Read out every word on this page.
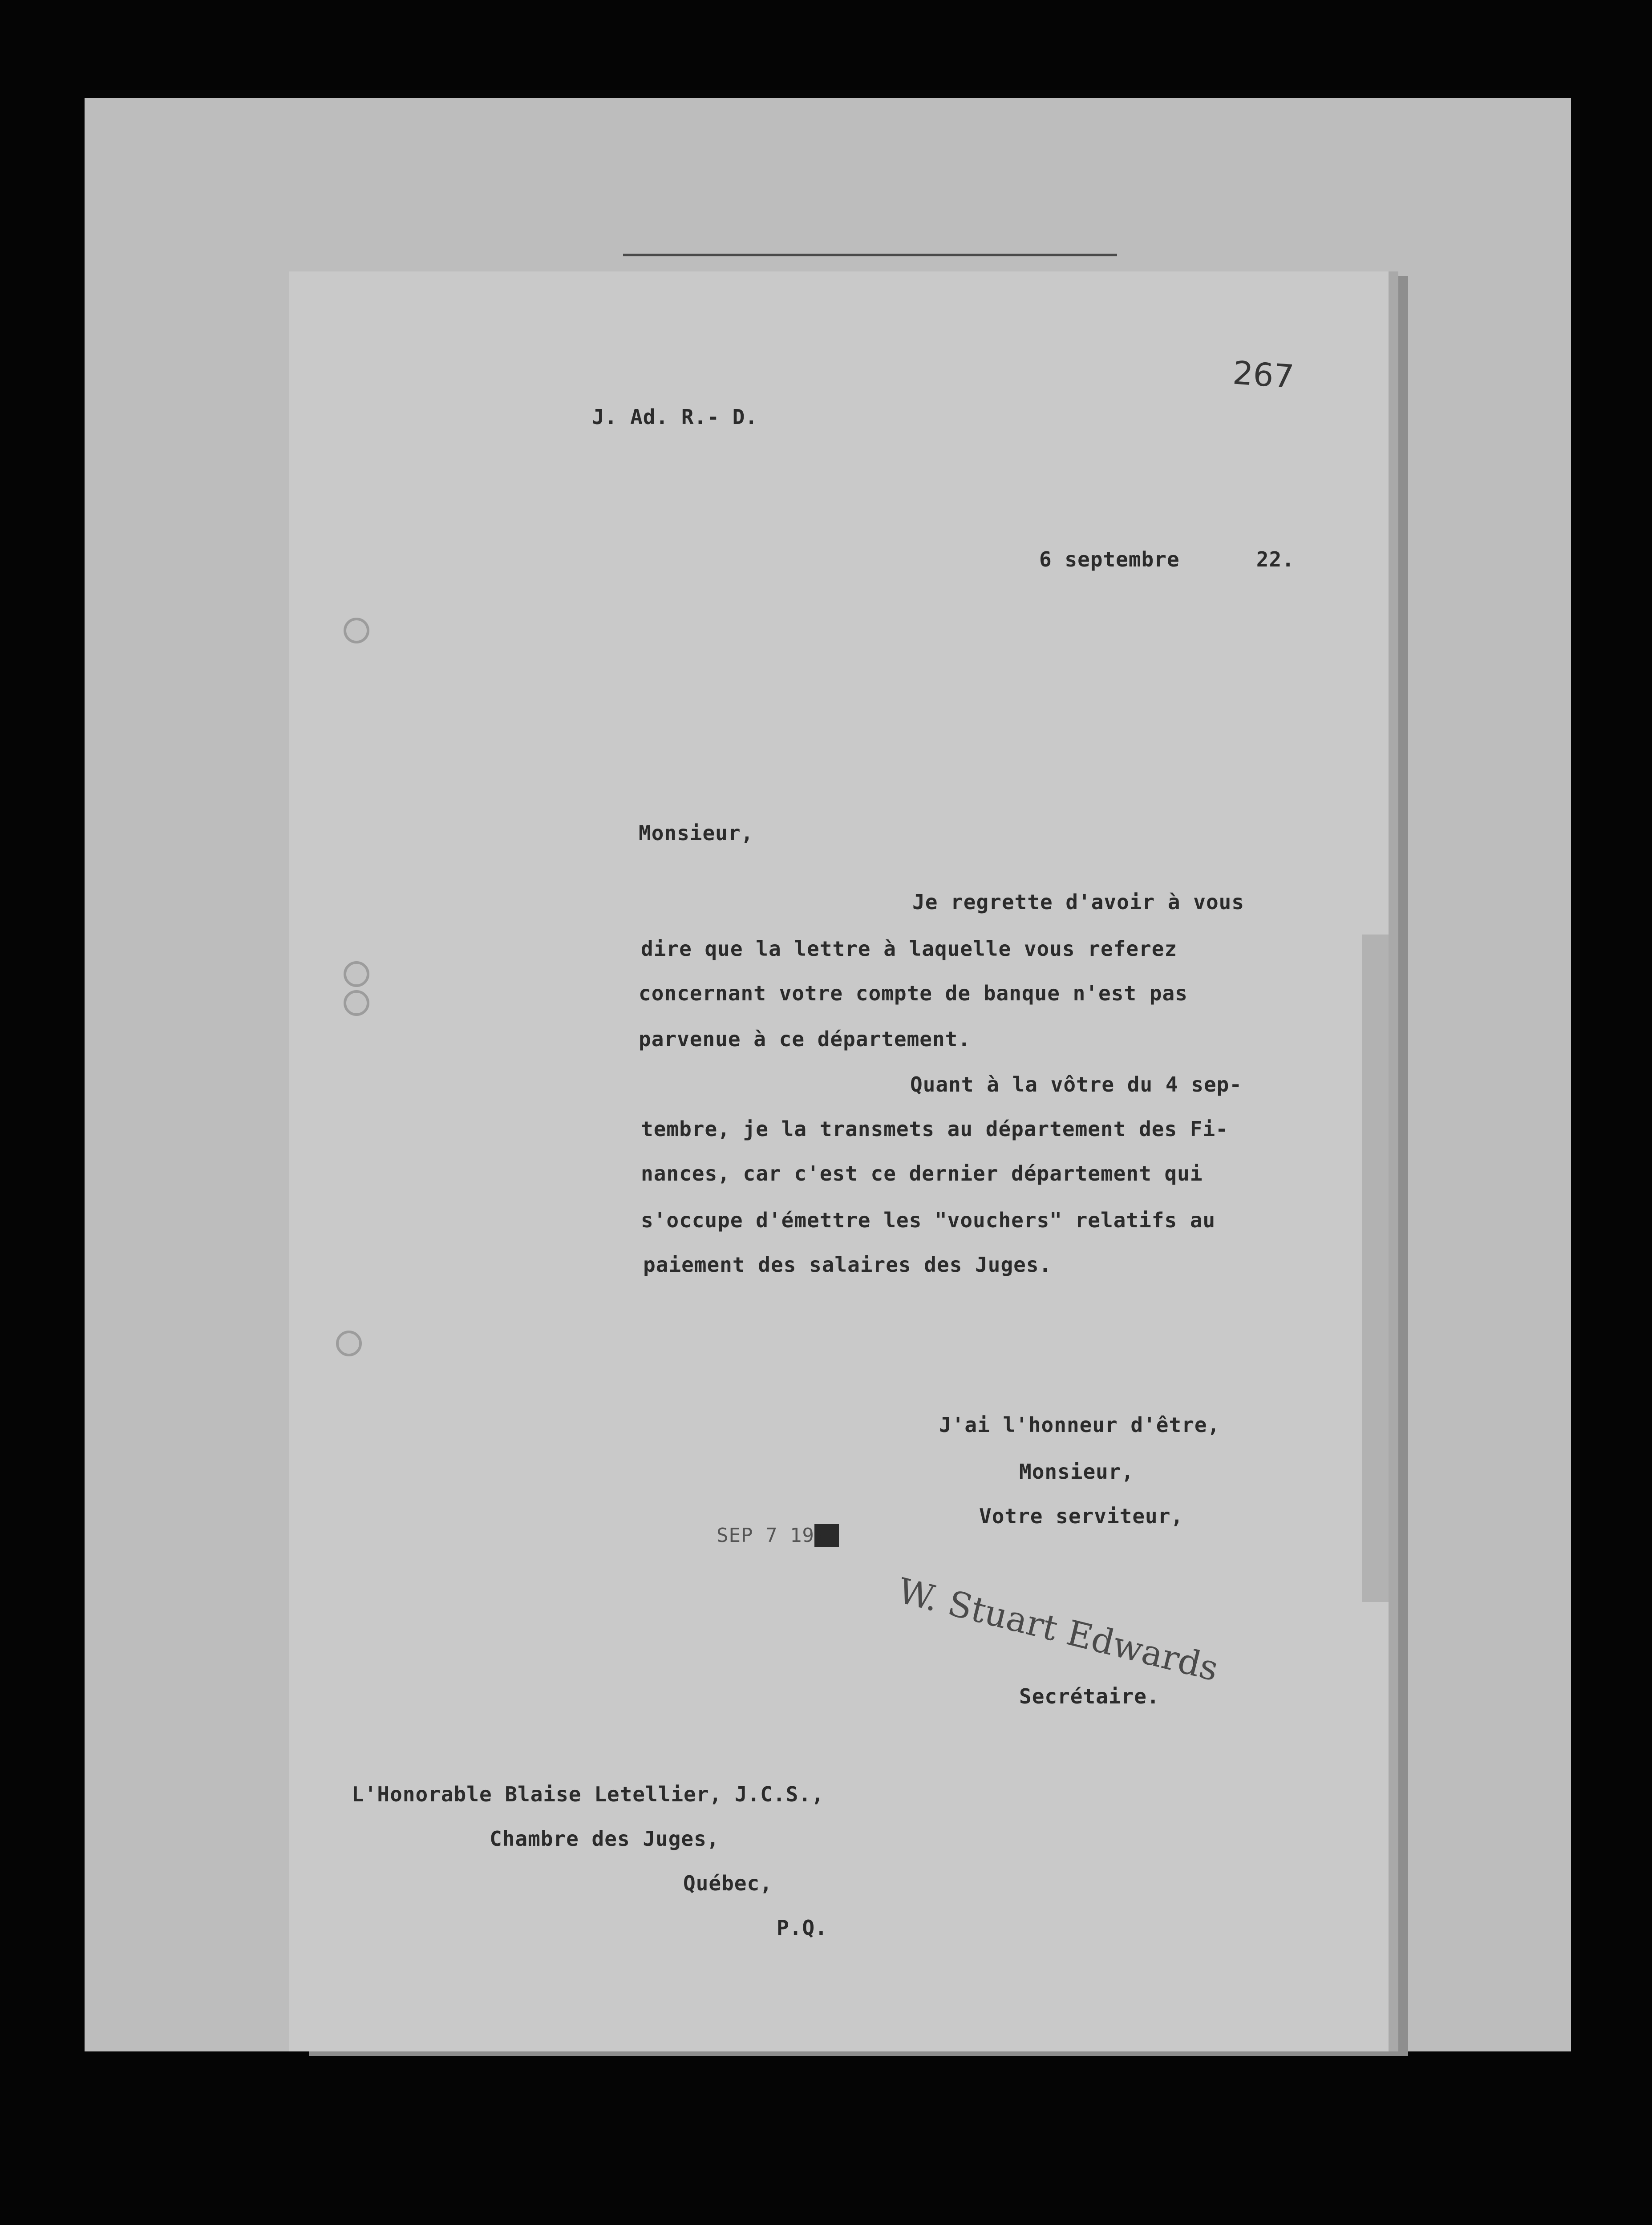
267
J. Ad. R.- D.
6 septembre      22.
Monsieur,
Je regrette d'avoir à vous
dire que la lettre à laquelle vous referez
concernant votre compte de banque n'est pas
parvenue à ce département.
Quant à la vôtre du 4 sep-
tembre, je la transmets au département des Fi-
nances, car c'est ce dernier département qui
s'occupe d'émettre les "vouchers" relatifs au
paiement des salaires des Juges.
J'ai l'honneur d'être,
Monsieur,
Votre serviteur,
SEP 7 1922
W. Stuart Edwards
Secrétaire.
L'Honorable Blaise Letellier, J.C.S.,
Chambre des Juges,
Québec,
P.Q.
